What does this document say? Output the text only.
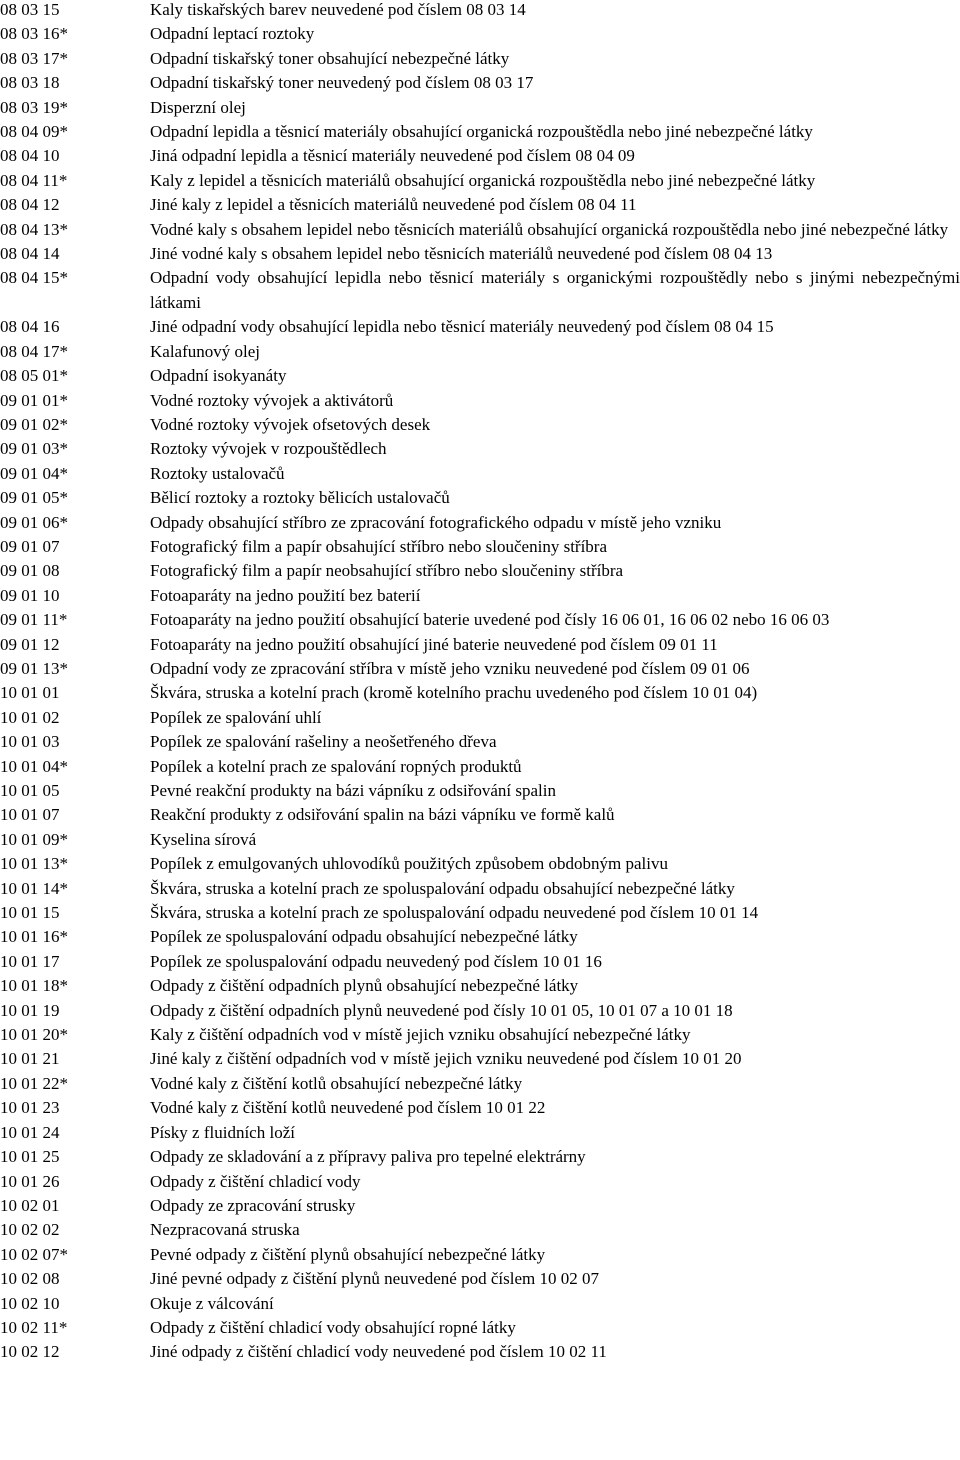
08 03 15	Kaly tiskařských barev neuvedené pod číslem 08 03 14
08 03 16*	Odpadní leptací roztoky
08 03 17*	Odpadní tiskařský toner obsahující nebezpečné látky
08 03 18	Odpadní tiskařský toner neuvedený pod číslem 08 03 17
08 03 19*	Disperzní olej
08 04 09*	Odpadní lepidla a těsnicí materiály obsahující organická rozpouštědla nebo jiné nebezpečné látky
08 04 10	Jiná odpadní lepidla a těsnicí materiály neuvedené pod číslem 08 04 09
08 04 11*	Kaly z lepidel a těsnicích materiálů obsahující organická rozpouštědla nebo jiné nebezpečné látky
08 04 12	Jiné kaly z lepidel a těsnicích materiálů neuvedené pod číslem 08 04 11
08 04 13*	Vodné kaly s obsahem lepidel nebo těsnicích materiálů obsahující organická rozpouštědla nebo jiné nebezpečné látky
08 04 14	Jiné vodné kaly s obsahem lepidel nebo těsnicích materiálů neuvedené pod číslem 08 04 13
08 04 15*	Odpadní vody obsahující lepidla nebo těsnicí materiály s organickými rozpouštědly nebo s jinými nebezpečnými látkami
08 04 16	Jiné odpadní vody obsahující lepidla nebo těsnicí materiály neuvedený pod číslem 08 04 15
08 04 17*	Kalafunový olej
08 05 01*	Odpadní isokyanáty
09 01 01*	Vodné roztoky vývojek a aktivátorů
09 01 02*	Vodné roztoky vývojek ofsetových desek
09 01 03*	Roztoky vývojek v rozpouštědlech
09 01 04*	Roztoky ustalovačů
09 01 05*	Bělicí roztoky a roztoky bělicích ustalovačů
09 01 06*	Odpady obsahující stříbro ze zpracování fotografického odpadu v místě jeho vzniku
09 01 07	Fotografický film a papír obsahující stříbro nebo sloučeniny stříbra
09 01 08	Fotografický film a papír neobsahující stříbro nebo sloučeniny stříbra
09 01 10	Fotoaparáty na jedno použití bez baterií
09 01 11*	Fotoaparáty na jedno použití obsahující baterie uvedené pod čísly 16 06 01, 16 06 02 nebo 16 06 03
09 01 12	Fotoaparáty na jedno použití obsahující jiné baterie neuvedené pod číslem 09 01 11
09 01 13*	Odpadní vody ze zpracování stříbra v místě jeho vzniku neuvedené pod číslem 09 01 06
10 01 01	Škvára, struska a kotelní prach (kromě kotelního prachu uvedeného pod číslem 10 01 04)
10 01 02	Popílek ze spalování uhlí
10 01 03	Popílek ze spalování rašeliny a neošetřeného dřeva
10 01 04*	Popílek a kotelní prach ze spalování ropných produktů
10 01 05	Pevné reakční produkty na bázi vápníku z odsiřování spalin
10 01 07	Reakční produkty z odsiřování spalin na bázi vápníku ve formě kalů
10 01 09*	Kyselina sírová
10 01 13*	Popílek z emulgovaných uhlovodíků použitých způsobem obdobným palivu
10 01 14*	Škvára, struska a kotelní prach ze spoluspalování odpadu obsahující nebezpečné látky
10 01 15	Škvára, struska a kotelní prach ze spoluspalování odpadu neuvedené pod číslem 10 01 14
10 01 16*	Popílek ze spoluspalování odpadu obsahující nebezpečné látky
10 01 17	Popílek ze spoluspalování odpadu neuvedený pod číslem 10 01 16
10 01 18*	Odpady z čištění odpadních plynů obsahující nebezpečné látky
10 01 19	Odpady z čištění odpadních plynů neuvedené pod čísly 10 01 05, 10 01 07 a 10 01 18
10 01 20*	Kaly z čištění odpadních vod v místě jejich vzniku obsahující nebezpečné látky
10 01 21	Jiné kaly z čištění odpadních vod v místě jejich vzniku neuvedené pod číslem 10 01 20
10 01 22*	Vodné kaly z čištění kotlů obsahující nebezpečné látky
10 01 23	Vodné kaly z čištění kotlů neuvedené pod číslem 10 01 22
10 01 24	Písky z fluidních loží
10 01 25	Odpady ze skladování a z přípravy paliva pro tepelné elektrárny
10 01 26	Odpady z čištění chladicí vody
10 02 01	Odpady ze zpracování strusky
10 02 02	Nezpracovaná struska
10 02 07*	Pevné odpady z čištění plynů obsahující nebezpečné látky
10 02 08	Jiné pevné odpady z čištění plynů neuvedené pod číslem 10 02 07
10 02 10	Okuje z válcování
10 02 11*	Odpady z čištění chladicí vody obsahující ropné látky
10 02 12	Jiné odpady z čištění chladicí vody neuvedené pod číslem 10 02 11
